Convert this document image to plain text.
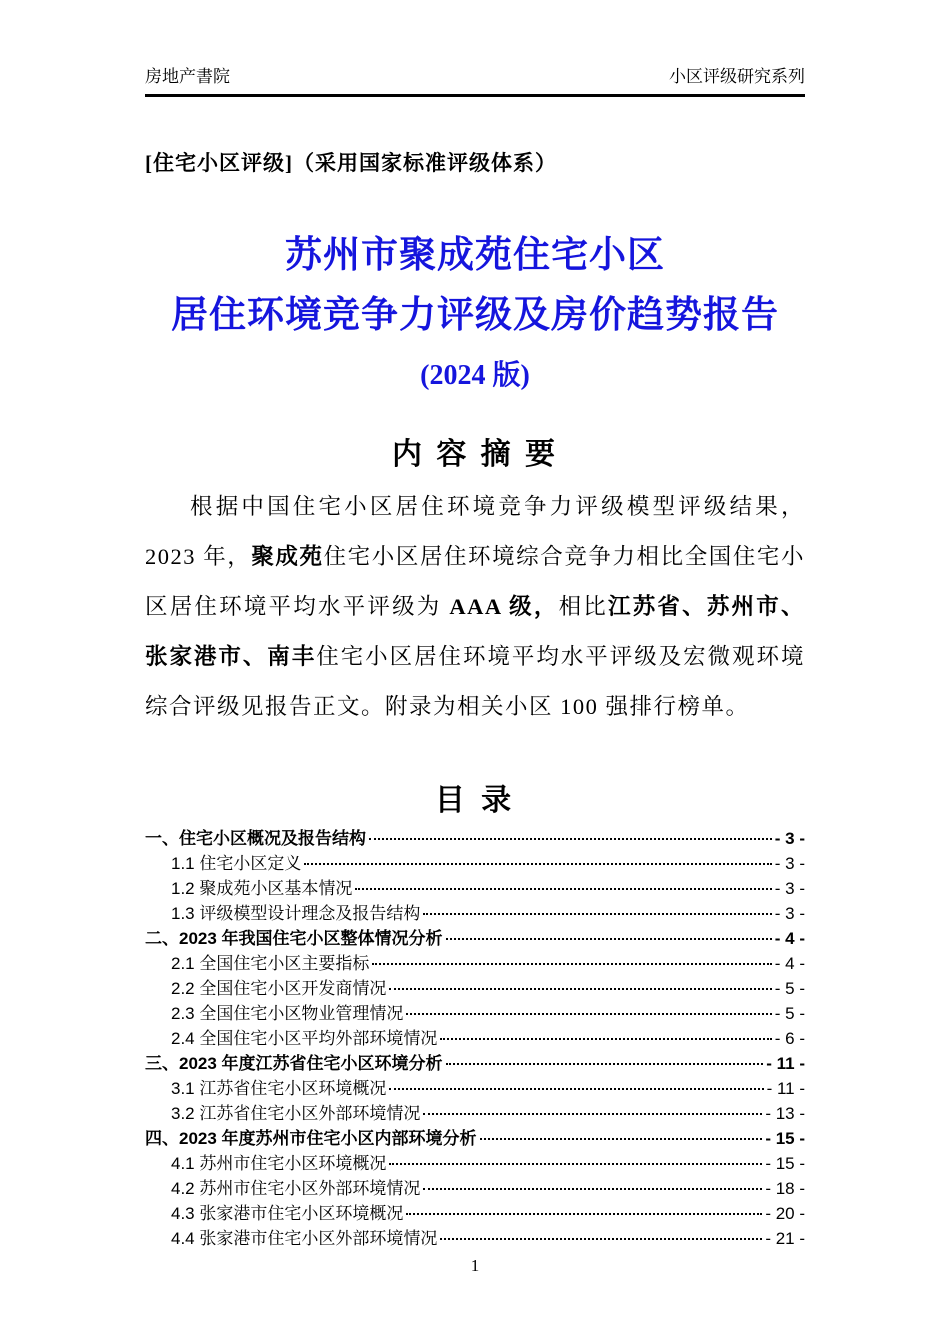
房地产書院	小区评级研究系列
[住宅小区评级]（采用国家标准评级体系）
苏州市聚成苑住宅小区
居住环境竞争力评级及房价趋势报告
(2024 版)
内 容 摘 要

根据中国住宅小区居住环境竞争力评级模型评级结果，2023 年，聚成苑住宅小区居住环境综合竞争力相比全国住宅小区居住环境平均水平评级为 AAA 级，相比江苏省、苏州市、张家港市、南丰住宅小区居住环境平均水平评级及宏微观环境综合评级见报告正文。附录为相关小区 100 强排行榜单。

目 录
一、住宅小区概况及报告结构	- 3 -
1.1 住宅小区定义	- 3 -
1.2 聚成苑小区基本情况	- 3 -
1.3 评级模型设计理念及报告结构	- 3 -
二、2023 年我国住宅小区整体情况分析	- 4 -
2.1 全国住宅小区主要指标	- 4 -
2.2 全国住宅小区开发商情况	- 5 -
2.3 全国住宅小区物业管理情况	- 5 -
2.4 全国住宅小区平均外部环境情况	- 6 -
三、2023 年度江苏省住宅小区环境分析	- 11 -
3.1 江苏省住宅小区环境概况	- 11 -
3.2 江苏省住宅小区外部环境情况	- 13 -
四、2023 年度苏州市住宅小区内部环境分析	- 15 -
4.1 苏州市住宅小区环境概况	- 15 -
4.2 苏州市住宅小区外部环境情况	- 18 -
4.3 张家港市住宅小区环境概况	- 20 -
4.4 张家港市住宅小区外部环境情况	- 21 -
1
